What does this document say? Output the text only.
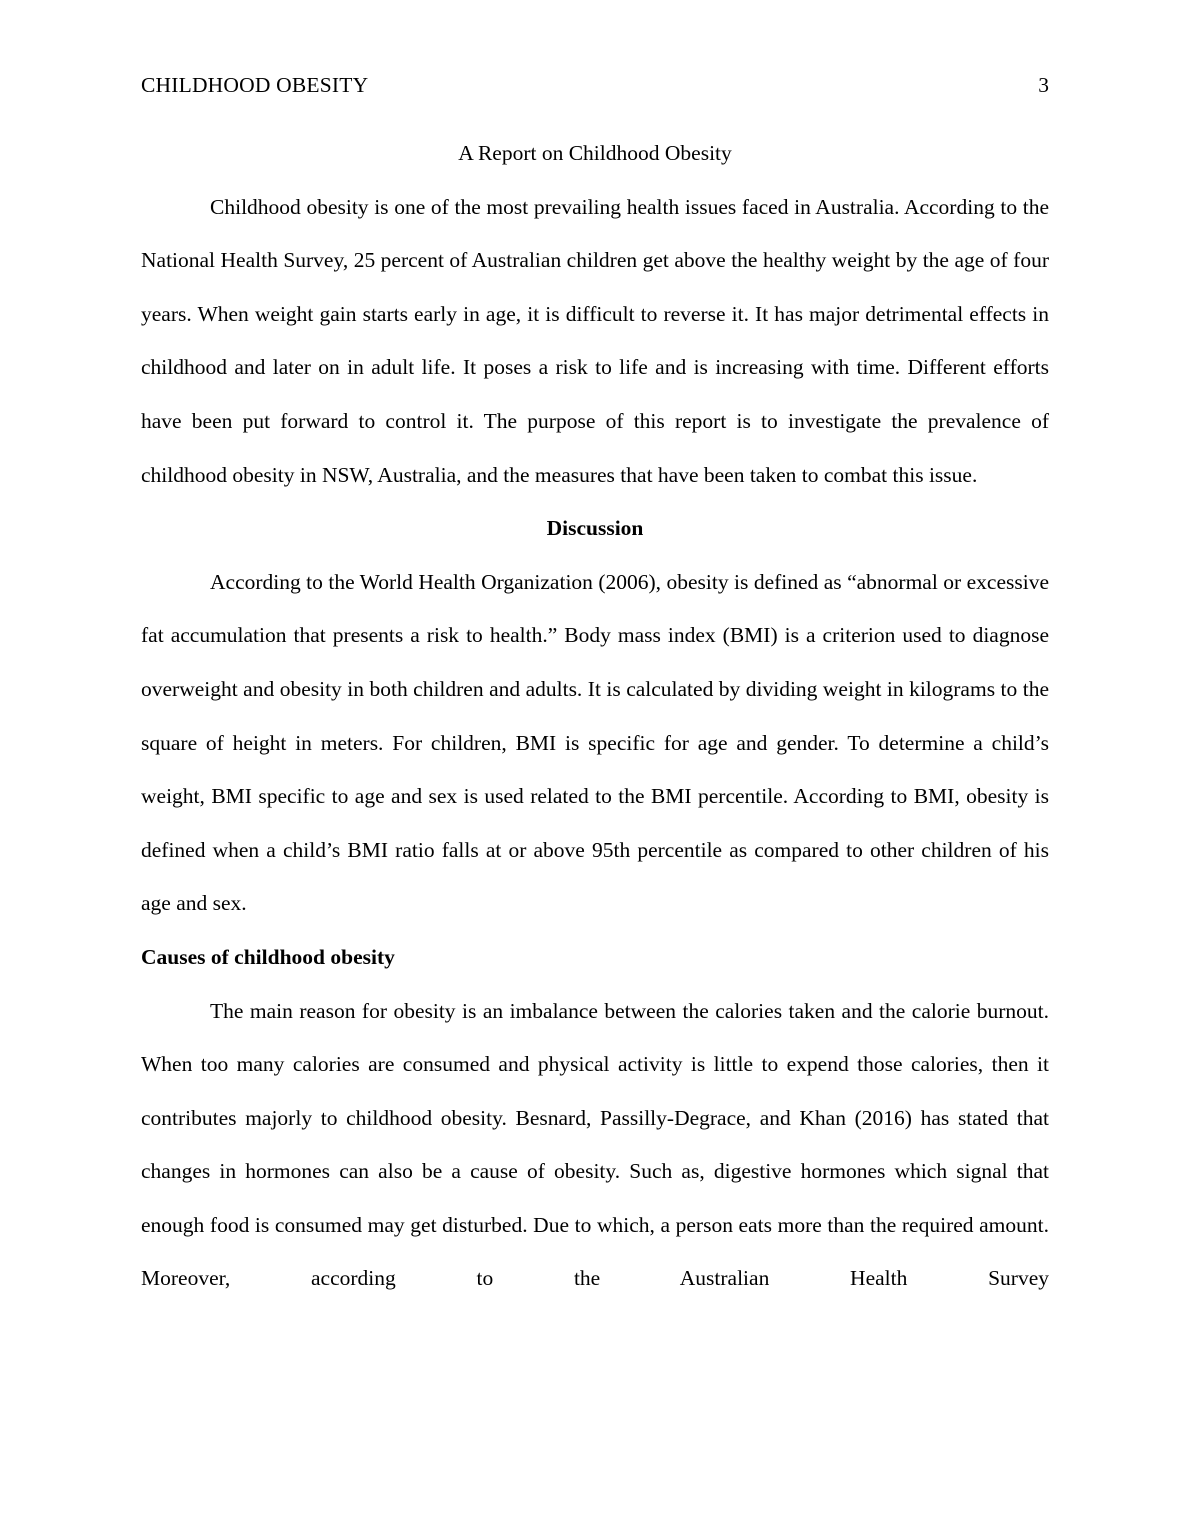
CHILDHOOD OBESITY	3

A Report on Childhood Obesity

Childhood obesity is one of the most prevailing health issues faced in Australia. According to the National Health Survey, 25 percent of Australian children get above the healthy weight by the age of four years. When weight gain starts early in age, it is difficult to reverse it. It has major detrimental effects in childhood and later on in adult life. It poses a risk to life and is increasing with time. Different efforts have been put forward to control it. The purpose of this report is to investigate the prevalence of childhood obesity in NSW, Australia, and the measures that have been taken to combat this issue.

Discussion

According to the World Health Organization (2006), obesity is defined as “abnormal or excessive fat accumulation that presents a risk to health.” Body mass index (BMI) is a criterion used to diagnose overweight and obesity in both children and adults. It is calculated by dividing weight in kilograms to the square of height in meters. For children, BMI is specific for age and gender. To determine a child’s weight, BMI specific to age and sex is used related to the BMI percentile. According to BMI, obesity is defined when a child’s BMI ratio falls at or above 95th percentile as compared to other children of his age and sex.

Causes of childhood obesity

The main reason for obesity is an imbalance between the calories taken and the calorie burnout. When too many calories are consumed and physical activity is little to expend those calories, then it contributes majorly to childhood obesity. Besnard, Passilly-Degrace, and Khan (2016) has stated that changes in hormones can also be a cause of obesity. Such as, digestive hormones which signal that enough food is consumed may get disturbed. Due to which, a person eats more than the required amount. Moreover, according to the Australian Health Survey
